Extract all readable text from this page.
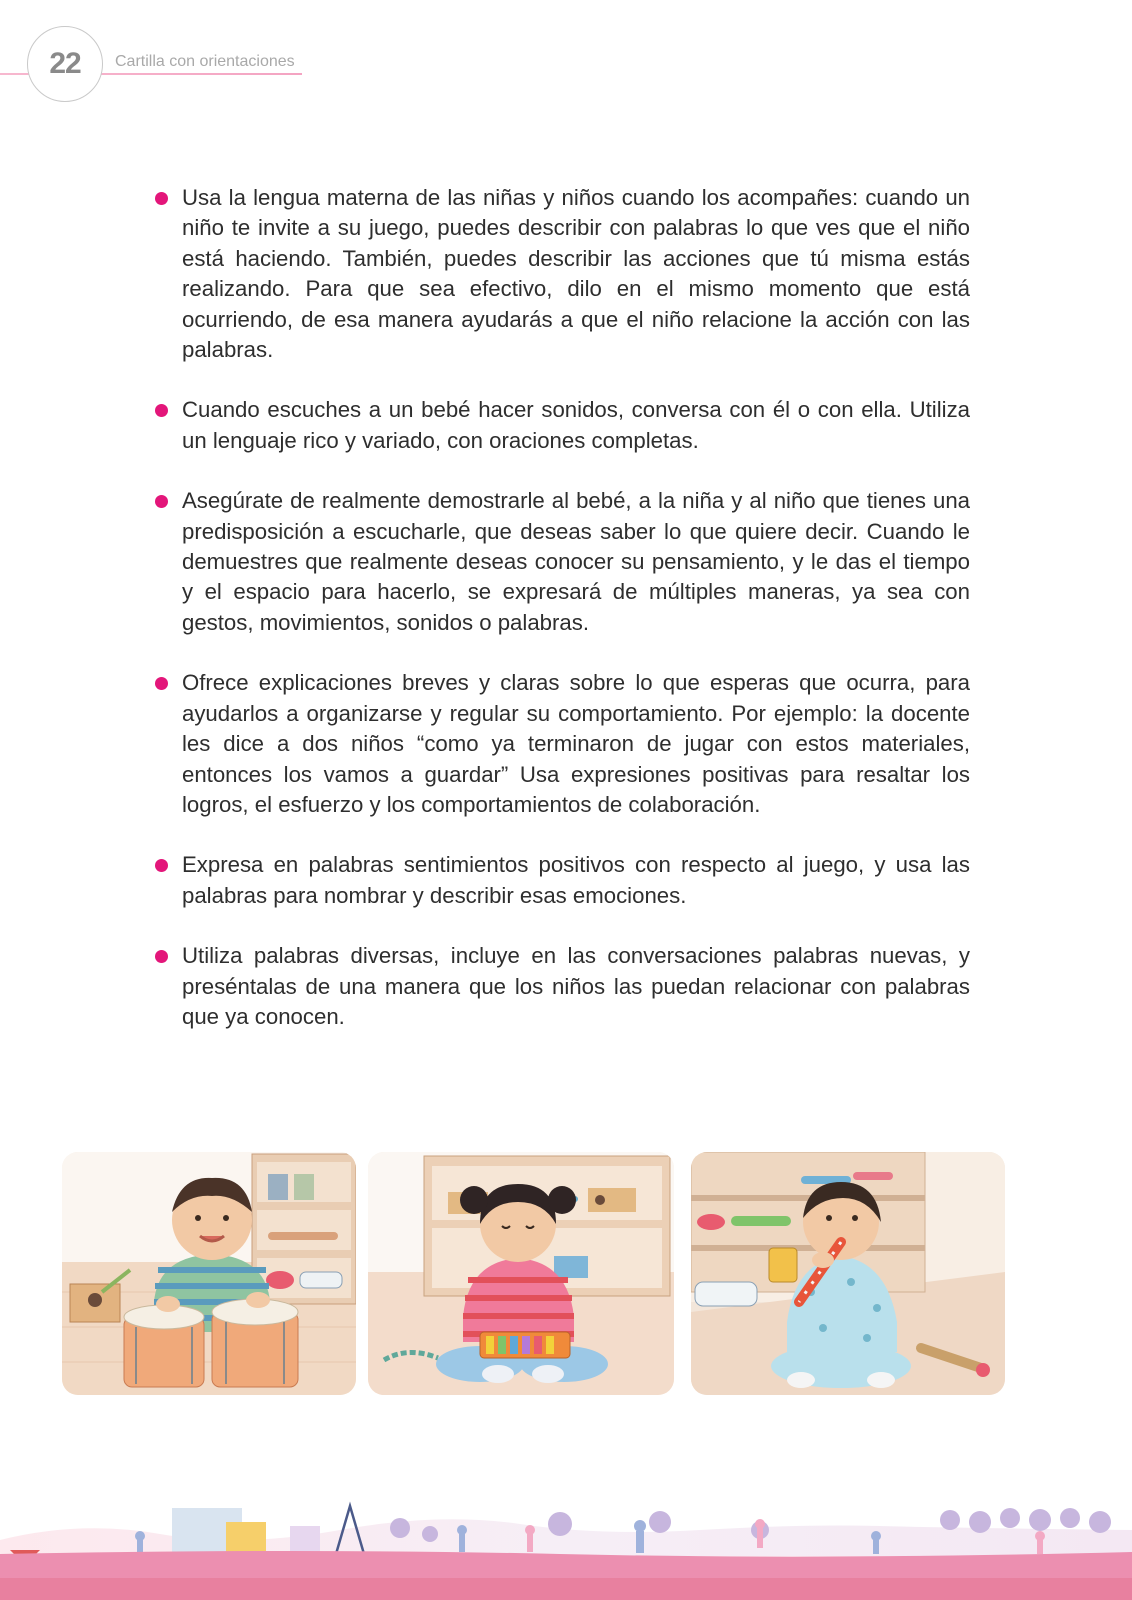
22 Cartilla con orientaciones

Usa la lengua materna de las niñas y niños cuando los acompañes: cuando un niño te invite a su juego, puedes describir con palabras lo que ves que el niño está haciendo. También, puedes describir las acciones que tú misma estás realizando. Para que sea efectivo, dilo en el mismo momento que está ocurriendo, de esa manera ayudarás a que el niño relacione la acción con las palabras.

Cuando escuches a un bebé hacer sonidos, conversa con él o con ella. Utiliza un lenguaje rico y variado, con oraciones completas.

Asegúrate de realmente demostrarle al bebé, a la niña y al niño que tienes una predisposición a escucharle, que deseas saber lo que quiere decir. Cuando le demuestres que realmente deseas conocer su pensamiento, y le das el tiempo y el espacio para hacerlo, se expresará de múltiples maneras, ya sea con gestos, movimientos, sonidos o palabras.

Ofrece explicaciones breves y claras sobre lo que esperas que ocurra, para ayudarlos a organizarse y regular su comportamiento. Por ejemplo: la docente les dice a dos niños “como ya terminaron de jugar con estos materiales, entonces los vamos a guardar” Usa expresiones positivas para resaltar los logros, el esfuerzo y los comportamientos de colaboración.

Expresa en palabras sentimientos positivos con respecto al juego, y usa las palabras para nombrar y describir esas emociones.

Utiliza palabras diversas, incluye en las conversaciones palabras nuevas, y preséntalas de una manera que los niños las puedan relacionar con palabras que ya conocen.
